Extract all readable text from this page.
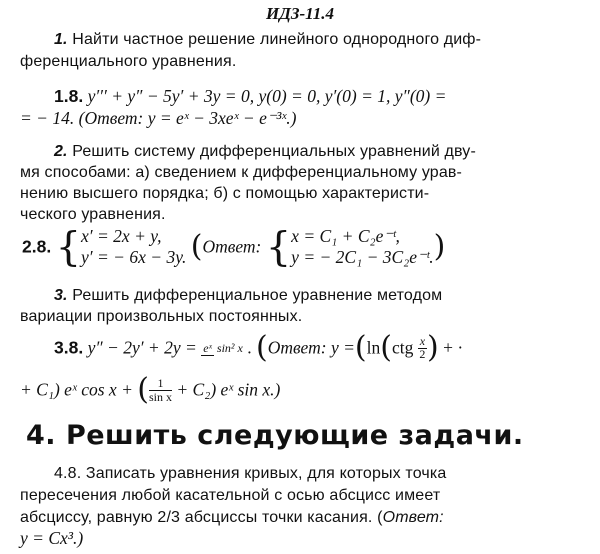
ИДЗ-11.4
1. Найти частное решение линейного однородного диф-
ференциального уравнения.
1.8. y′′′ + y″ − 5y′ + 3y = 0, y(0) = 0, y′(0) = 1, y″(0) =
= − 14. (Ответ: y = eˣ − 3xeˣ − e⁻³ˣ.)
2. Решить систему дифференциальных уравнений дву-
мя способами: а) сведением к дифференциальному урав-
нению высшего порядка; б) с помощью характеристи-
ческого уравнения.
2.8. { x′ = 2x + y,
y′ = − 6x − 3y. (Ответ: { x = C₁ + C₂e⁻ᵗ,
y = − 2C₁ − 3C₂e⁻ᵗ. )
3. Решить дифференциальное уравнение методом
вариации произвольных постоянных.
3.8. y″ − 2y′ + 2y = eˣ sin² x . (Ответ: $y =(\ln(ctg \frac{x}{2}$ ) + ·
+ C₁) eˣ cos x + ( $\frac{1}{\text{sin x}} + C_2$) eˣ sin x.)
4. Решить следующие задачи.
4.8. Записать уравнения кривых, для которых точка
пересечения любой касательной с осью абсцисс имеет
абсциссу, равную 2/3 абсциссы точки касания. (Ответ:
y = Cx³.)
